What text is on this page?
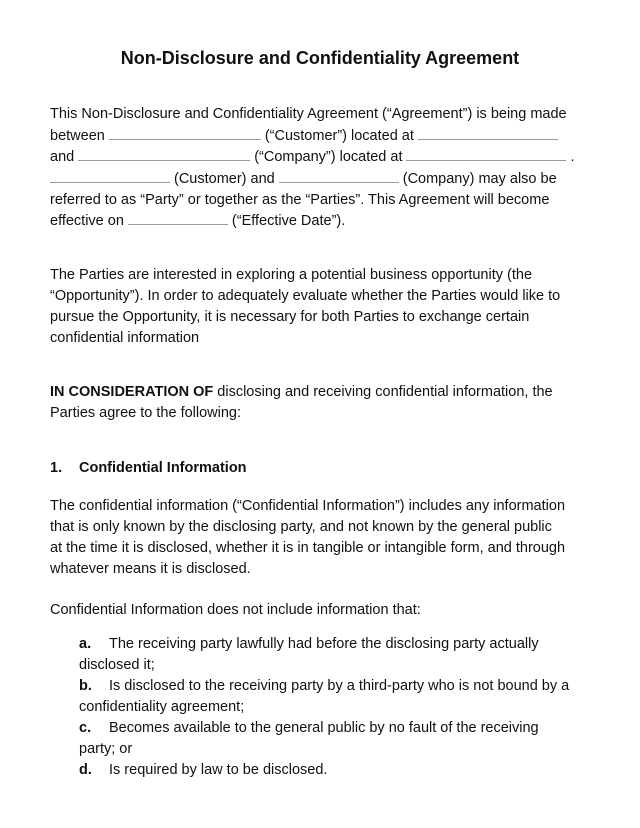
Non-Disclosure and Confidentiality Agreement
This Non-Disclosure and Confidentiality Agreement (“Agreement”) is being made
between	(“Customer”) located at
and	(“Company”) located at	.
(Customer) and	(Company) may also be
referred to as “Party” or together as the “Parties”. This Agreement will become
effective on	(“Effective Date”).
The Parties are interested in exploring a potential business opportunity (the
“Opportunity”). In order to adequately evaluate whether the Parties would like to
pursue the Opportunity, it is necessary for both Parties to exchange certain
confidential information
IN CONSIDERATION OF disclosing and receiving confidential information, the
Parties agree to the following:
1. Confidential Information
The confidential information (“Confidential Information”) includes any information
that is only known by the disclosing party, and not known by the general public
at the time it is disclosed, whether it is in tangible or intangible form, and through
whatever means it is disclosed.
Confidential Information does not include information that:
a. The receiving party lawfully had before the disclosing party actually
disclosed it;
b. Is disclosed to the receiving party by a third-party who is not bound by a
confidentiality agreement;
c. Becomes available to the general public by no fault of the receiving
party; or
d. Is required by law to be disclosed.
